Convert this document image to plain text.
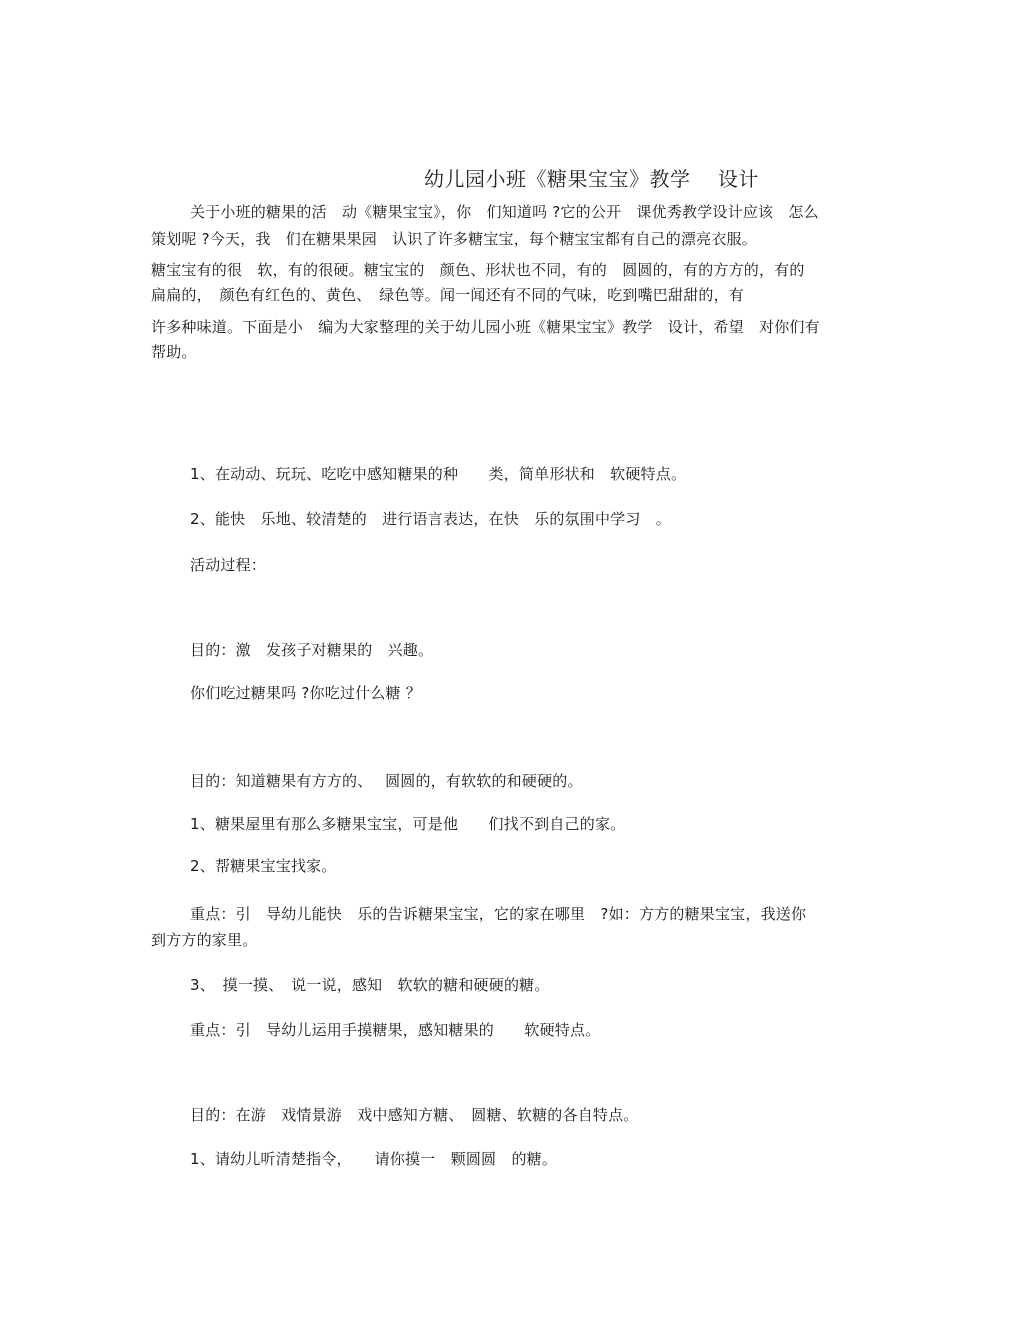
幼儿园小班《糖果宝宝》教学　 设计
关于小班的糖果的活　动《糖果宝宝》，你　们知道吗 ?它的公开　课优秀教学设计应该　怎么
策划呢 ?今天，我　们在糖果果园　认识了许多糖宝宝，每个糖宝宝都有自己的漂亮衣服。
糖宝宝有的很　软，有的很硬。糖宝宝的　颜色、形状也不同，有的　圆圆的，有的方方的，有的
扁扁的，　颜色有红色的、黄色、　绿色等。闻一闻还有不同的气味，吃到嘴巴甜甜的，有
许多种味道。下面是小　编为大家整理的关于幼儿园小班《糖果宝宝》教学　设计，希望　对你们有
帮助。
1、在动动、玩玩、吃吃中感知糖果的种　　类，简单形状和　软硬特点。
2、能快　乐地、较清楚的　进行语言表达，在快　乐的氛围中学习　。
活动过程：
目的：激　发孩子对糖果的　兴趣。
你们吃过糖果吗 ?你吃过什么糖 ？
目的：知道糖果有方方的、　 圆圆的，有软软的和硬硬的。
1、糖果屋里有那么多糖果宝宝，可是他　　们找不到自己的家。
2、帮糖果宝宝找家。
重点：引　导幼儿能快　乐的告诉糖果宝宝，它的家在哪里　?如：方方的糖果宝宝，我送你
到方方的家里。
3、　摸一摸、　说一说，感知　软软的糖和硬硬的糖。
重点：引　导幼儿运用手摸糖果，感知糖果的　　软硬特点。
目的：在游　戏情景游　戏中感知方糖、　圆糖、软糖的各自特点。
1、请幼儿听清楚指令，　　请你摸一　颗圆圆　的糖。
